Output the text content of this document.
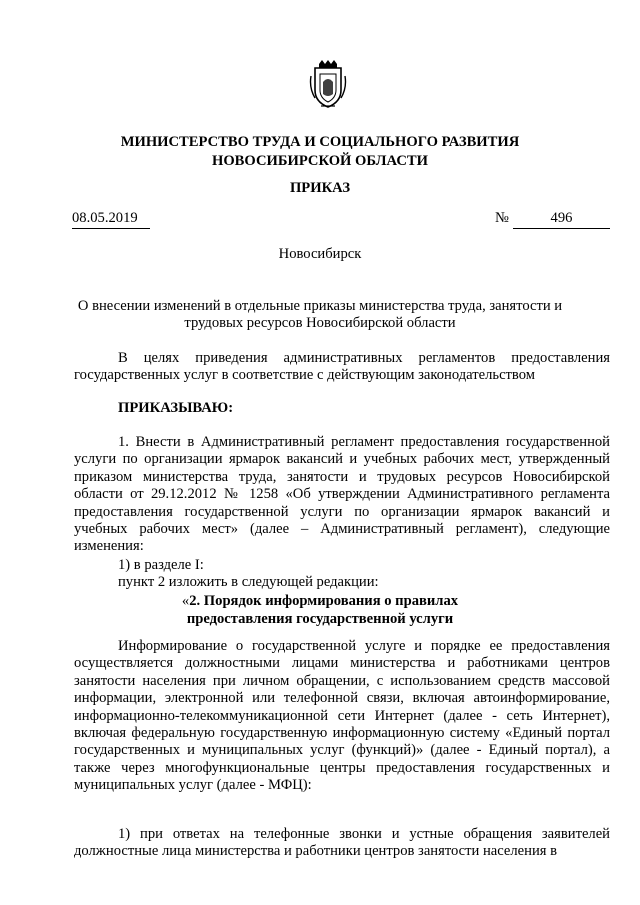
МИНИСТЕРСТВО ТРУДА И СОЦИАЛЬНОГО РАЗВИТИЯ
НОВОСИБИРСКОЙ ОБЛАСТИ
ПРИКАЗ
08.05.2019	№	496
Новосибирск
О внесении изменений в отдельные приказы министерства труда, занятости и
трудовых ресурсов Новосибирской области

В целях приведения административных регламентов предоставления государственных услуг в соответствие с действующим законодательством

ПРИКАЗЫВАЮ:

1. Внести в Административный регламент предоставления государственной услуги по организации ярмарок вакансий и учебных рабочих мест, утвержденный приказом министерства труда, занятости и трудовых ресурсов Новосибирской области от 29.12.2012 № 1258 «Об утверждении Административного регламента предоставления государственной услуги по организации ярмарок вакансий и учебных рабочих мест» (далее – Административный регламент), следующие изменения:

1) в разделе I:
пункт 2 изложить в следующей редакции:
«2. Порядок информирования о правилах
предоставления государственной услуги

Информирование о государственной услуге и порядке ее предоставления осуществляется должностными лицами министерства и работниками центров занятости населения при личном обращении, с использованием средств массовой информации, электронной или телефонной связи, включая автоинформирование, информационно-телекоммуникационной сети Интернет (далее - сеть Интернет), включая федеральную государственную информационную систему «Единый портал государственных и муниципальных услуг (функций)» (далее - Единый портал), а также через многофункциональные центры предоставления государственных и муниципальных услуг (далее - МФЦ):

1) при ответах на телефонные звонки и устные обращения заявителей должностные лица министерства и работники центров занятости населения в
